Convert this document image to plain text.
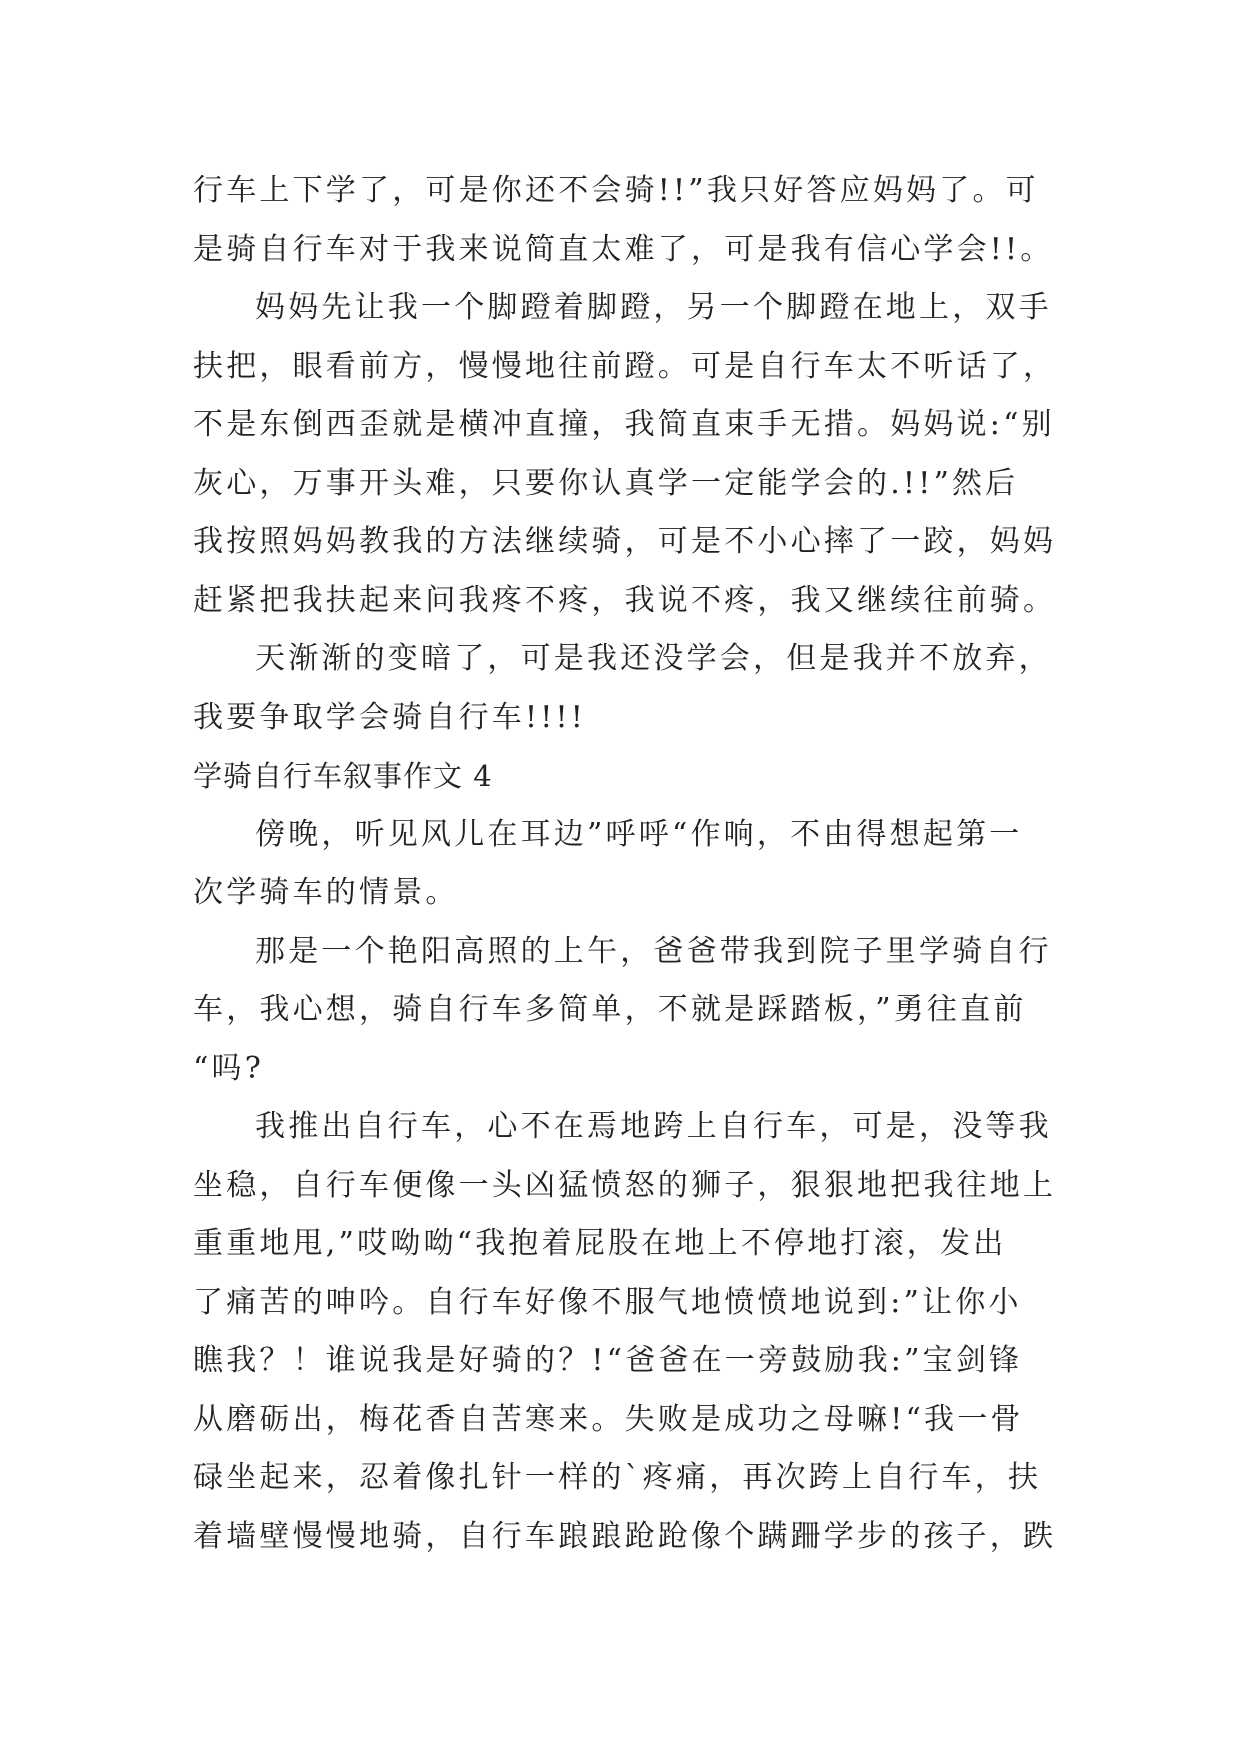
行车上下学了，可是你还不会骑!!”我只好答应妈妈了。可
是骑自行车对于我来说简直太难了，可是我有信心学会!!。
妈妈先让我一个脚蹬着脚蹬，另一个脚蹬在地上，双手
扶把，眼看前方，慢慢地往前蹬。可是自行车太不听话了，
不是东倒西歪就是横冲直撞，我简直束手无措。妈妈说:“别
灰心，万事开头难，只要你认真学一定能学会的.!!”然后
我按照妈妈教我的方法继续骑，可是不小心摔了一跤，妈妈
赶紧把我扶起来问我疼不疼，我说不疼，我又继续往前骑。
天渐渐的变暗了，可是我还没学会，但是我并不放弃，
我要争取学会骑自行车!!!!
学骑自行车叙事作文 4
傍晚，听见风儿在耳边”呼呼“作响，不由得想起第一
次学骑车的情景。
那是一个艳阳高照的上午，爸爸带我到院子里学骑自行
车，我心想，骑自行车多简单，不就是踩踏板，”勇往直前
“吗?
我推出自行车，心不在焉地跨上自行车，可是，没等我
坐稳，自行车便像一头凶猛愤怒的狮子，狠狠地把我往地上
重重地甩,”哎呦呦“我抱着屁股在地上不停地打滚，发出
了痛苦的呻吟。自行车好像不服气地愤愤地说到:”让你小
瞧我？！谁说我是好骑的？!“爸爸在一旁鼓励我:”宝剑锋
从磨砺出，梅花香自苦寒来。失败是成功之母嘛!“我一骨
碌坐起来，忍着像扎针一样的`疼痛，再次跨上自行车，扶
着墙壁慢慢地骑，自行车踉踉跄跄像个蹒跚学步的孩子，跌
